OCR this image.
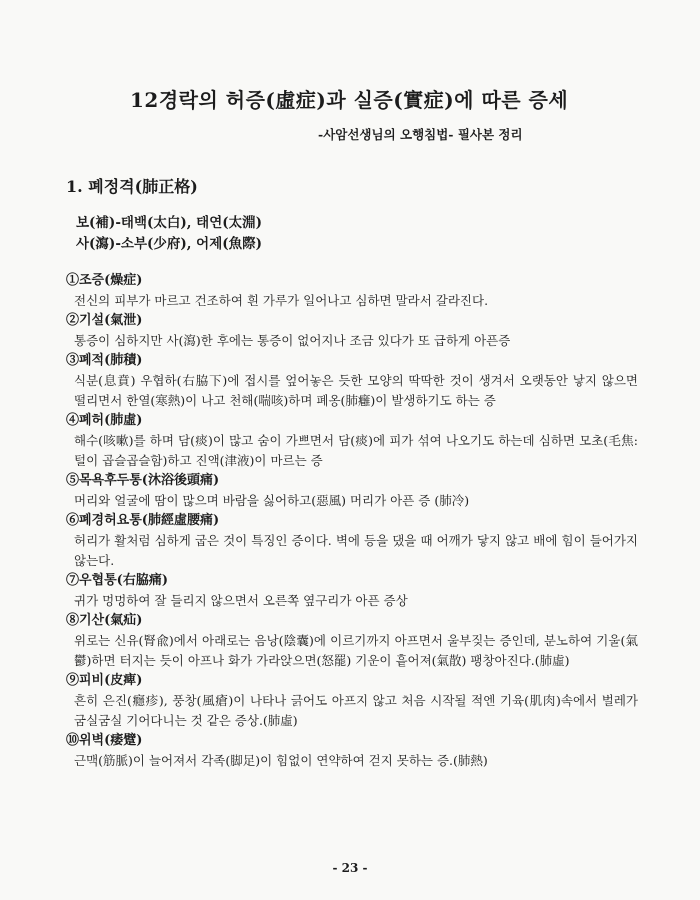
12경락의 허증(虛症)과 실증(實症)에 따른 증세
-사암선생님의 오행침법- 필사본 정리
1. 폐정격(肺正格)
보(補)-태백(太白), 태연(太淵)
사(瀉)-소부(少府), 어제(魚際)
①조증(燥症)
전신의 피부가 마르고 건조하여 흰 가루가 일어나고 심하면 말라서 갈라진다.
②기설(氣泄)
통증이 심하지만 사(瀉)한 후에는 통증이 없어지나 조금 있다가 또 급하게 아픈증
③폐적(肺積)
식분(息賁) 우협하(右脇下)에 접시를 엎어놓은 듯한 모양의 딱딱한 것이 생겨서 오랫동안 낳지 않으면 떨리면서 한열(寒熱)이 나고 천해(喘咳)하며 폐옹(肺癰)이 발생하기도 하는 증
④폐허(肺虛)
해수(咳嗽)를 하며 담(痰)이 많고 숨이 가쁘면서 담(痰)에 피가 섞여 나오기도 하는데 심하면 모초(毛焦:털이 곱슬곱슬함)하고 진액(津液)이 마르는 증
⑤목욕후두통(沐浴後頭痛)
머리와 얼굴에 땀이 많으며 바람을 싫어하고(惡風) 머리가 아픈 증 (肺冷)
⑥폐경허요통(肺經虛腰痛)
허리가 활처럼 심하게 굽은 것이 특징인 증이다. 벽에 등을 댔을 때 어깨가 닿지 않고 배에 힘이 들어가지 않는다.
⑦우협통(右脇痛)
귀가 멍멍하여 잘 들리지 않으면서 오른쪽 옆구리가 아픈 증상
⑧기산(氣疝)
위로는 신유(腎兪)에서 아래로는 음낭(陰囊)에 이르기까지 아프면서 울부짖는 증인데, 분노하여 기울(氣鬱)하면 터지는 듯이 아프나 화가 가라앉으면(怒罷) 기운이 흩어져(氣散) 팽창아진다.(肺虛)
⑨피비(皮痺)
흔히 은진(癮疹), 풍창(風瘡)이 나타나 긁어도 아프지 않고 처음 시작될 적엔 기육(肌肉)속에서 벌레가 굼실굼실 기어다니는 것 같은 증상.(肺虛)
⑩위벽(痿躄)
근맥(筋脈)이 늘어져서 각족(脚足)이 힘없이 연약하여 걷지 못하는 증.(肺熱)
- 23 -
